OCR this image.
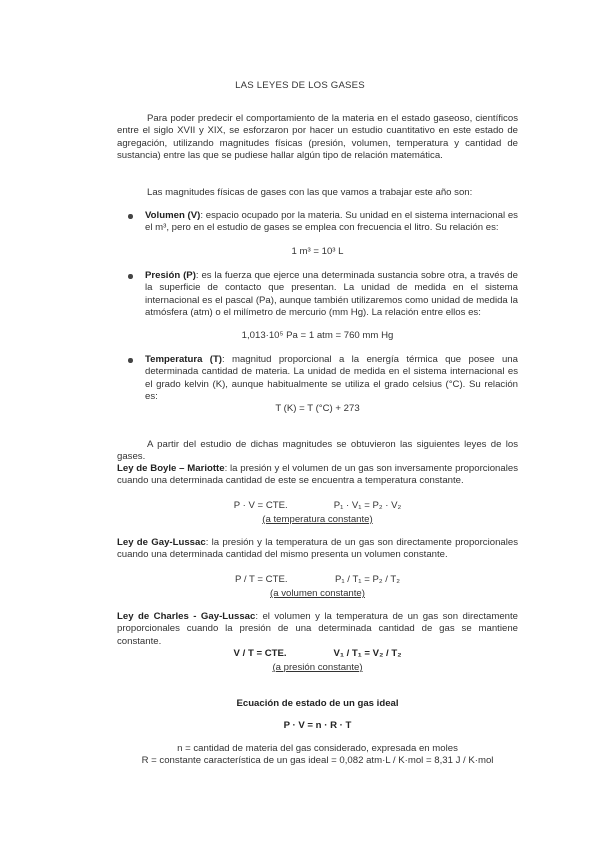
LAS LEYES DE LOS GASES
Para poder predecir el comportamiento de la materia en el estado gaseoso, científicos entre el siglo XVII y XIX, se esforzaron por hacer un estudio cuantitativo en este estado de agregación, utilizando magnitudes físicas (presión, volumen, temperatura y cantidad de sustancia) entre las que se pudiese hallar algún tipo de relación matemática.
Las magnitudes físicas de gases con las que vamos a trabajar este año son:
Volumen (V): espacio ocupado por la materia. Su unidad en el sistema internacional es el m³, pero en el estudio de gases se emplea con frecuencia el litro. Su relación es:
1 m³ = 10³ L
Presión (P): es la fuerza que ejerce una determinada sustancia sobre otra, a través de la superficie de contacto que presentan. La unidad de medida en el sistema internacional es el pascal (Pa), aunque también utilizaremos como unidad de medida la atmósfera (atm) o el milímetro de mercurio (mm Hg). La relación entre ellos es:
1,013·10⁵ Pa = 1 atm = 760 mm Hg
Temperatura (T): magnitud proporcional a la energía térmica que posee una determinada cantidad de materia. La unidad de medida en el sistema internacional es el grado kelvin (K), aunque habitualmente se utiliza el grado celsius (°C). Su relación es:
T (K) = T (°C) + 273
A partir del estudio de dichas magnitudes se obtuvieron las siguientes leyes de los gases.
Ley de Boyle – Mariotte: la presión y el volumen de un gas son inversamente proporcionales cuando una determinada cantidad de este se encuentra a temperatura constante.
P · V = CTE.	P₁ · V₁ = P₂ · V₂
(a temperatura constante)
Ley de Gay-Lussac: la presión y la temperatura de un gas son directamente proporcionales cuando una determinada cantidad del mismo presenta un volumen constante.
P / T = CTE.	P₁ / T₁ = P₂ / T₂
(a volumen constante)
Ley de Charles - Gay-Lussac: el volumen y la temperatura de un gas son directamente proporcionales cuando la presión de una determinada cantidad de gas se mantiene constante.
V / T = CTE.	V₁ / T₁ = V₂ / T₂
(a presión constante)
Ecuación de estado de un gas ideal
P · V = n · R · T
n = cantidad de materia del gas considerado, expresada en moles
R = constante característica de un gas ideal = 0,082 atm·L / K·mol = 8,31 J / K·mol
